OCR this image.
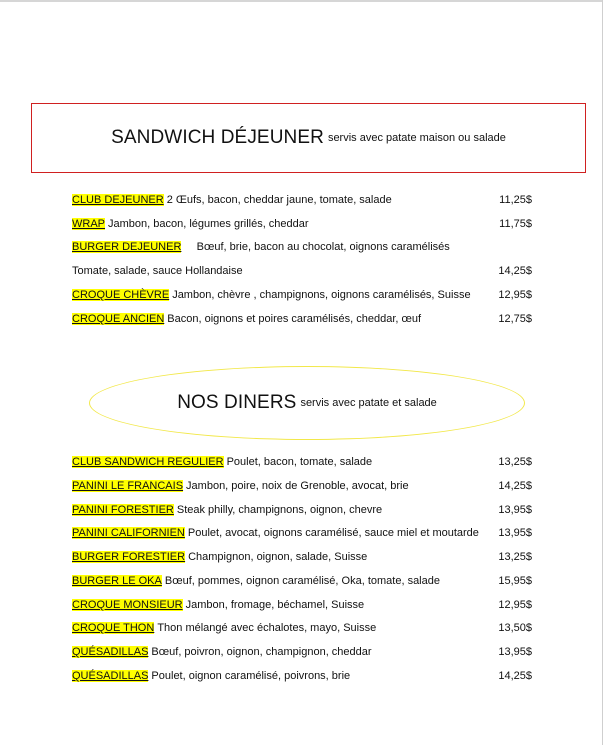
SANDWICH DÉJEUNER servis avec patate maison ou salade
CLUB DEJEUNER 2 Œufs, bacon, cheddar jaune, tomate, salade	11,25$
WRAP Jambon, bacon, légumes grillés, cheddar	11,75$
BURGER DEJEUNER    Bœuf, brie, bacon au chocolat, oignons caramélisés
Tomate, salade, sauce Hollandaise	14,25$
CROQUE CHÈVRE Jambon, chèvre , champignons, oignons caramélisés, Suisse	12,95$
CROQUE ANCIEN Bacon, oignons et poires caramélisés, cheddar, œuf	12,75$
NOS DINERS servis avec patate et salade
CLUB SANDWICH REGULIER Poulet, bacon, tomate, salade	13,25$
PANINI LE FRANCAIS Jambon, poire, noix de Grenoble, avocat, brie	14,25$
PANINI FORESTIER Steak philly, champignons, oignon, chevre	13,95$
PANINI CALIFORNIEN Poulet, avocat, oignons caramélisé, sauce miel et moutarde 13,95$
BURGER FORESTIER Champignon, oignon, salade, Suisse	13,25$
BURGER LE OKA Bœuf, pommes, oignon caramélisé, Oka, tomate, salade	15,95$
CROQUE MONSIEUR Jambon, fromage, béchamel, Suisse	12,95$
CROQUE THON Thon mélangé avec échalotes, mayo, Suisse	13,50$
QUÉSADILLAS Bœuf, poivron, oignon, champignon, cheddar	13,95$
QUÉSADILLAS Poulet, oignon caramélisé, poivrons, brie	14,25$
